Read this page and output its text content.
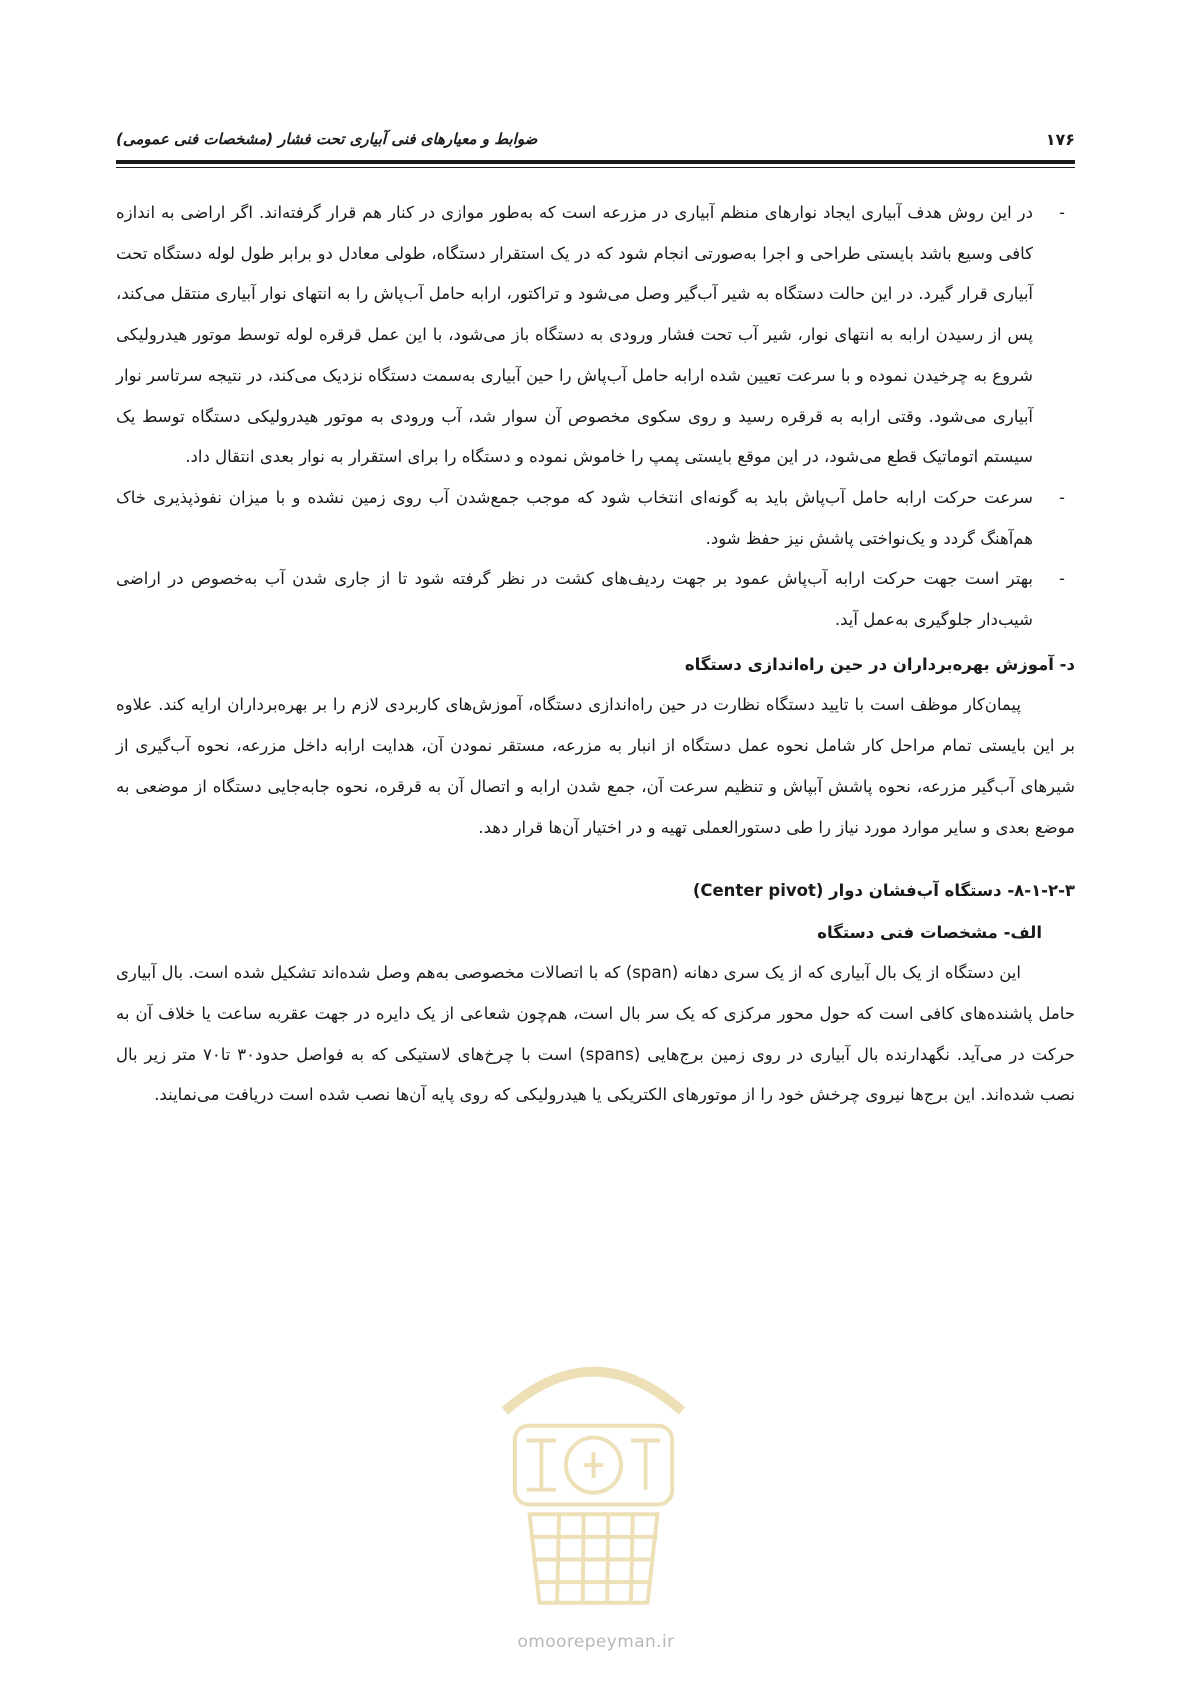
۱۷۶
ضوابط و معیارهای فنی آبیاری تحت فشار (مشخصات فنی عمومی)
-

در این روش هدف آبیاری ایجاد نوارهای منظم آبیاری در مزرعه است که به‌طور موازی در کنار هم قرار گرفته‌اند. اگر اراضی به اندازه کافی وسیع باشد بایستی طراحی و اجرا به‌صورتی انجام شود که در یک استقرار دستگاه، طولی معادل دو برابر طول لوله دستگاه تحت آبیاری قرار گیرد. در این حالت دستگاه به شیر آب‌گیر وصل می‌شود و تراکتور، ارابه حامل آب‌پاش را به انتهای نوار آبیاری منتقل می‌کند، پس از رسیدن ارابه به انتهای نوار، شیر آب تحت فشار ورودی به دستگاه باز می‌شود، با این عمل قرقره لوله توسط موتور هیدرولیکی شروع به چرخیدن نموده و با سرعت تعیین شده ارابه حامل آب‌پاش را حین آبیاری به‌سمت دستگاه نزدیک می‌کند، در نتیجه سرتاسر نوار آبیاری می‌شود. وقتی ارابه به قرقره رسید و روی سکوی مخصوص آن سوار شد، آب ورودی به موتور هیدرولیکی دستگاه توسط یک سیستم اتوماتیک قطع می‌شود، در این موقع بایستی پمپ را خاموش نموده و دستگاه را برای استقرار به نوار بعدی انتقال داد.

-

سرعت حرکت ارابه حامل آب‌پاش باید به گونه‌ای انتخاب شود که موجب جمع‌شدن آب روی زمین نشده و با میزان نفوذپذیری خاک هم‌آهنگ گردد و یک‌نواختی پاشش نیز حفظ شود.

-

بهتر است جهت حرکت ارابه آب‌پاش عمود بر جهت ردیف‌های کشت در نظر گرفته شود تا از جاری شدن آب به‌خصوص در اراضی شیب‌دار جلوگیری به‌عمل آید.

د- آموزش بهره‌برداران در حین راه‌اندازی دستگاه

پیمان‌کار موظف است با تایید دستگاه نظارت در حین راه‌اندازی دستگاه، آموزش‌های کاربردی لازم را بر بهره‌برداران ارایه کند. علاوه بر این بایستی تمام مراحل کار شامل نحوه عمل دستگاه از انبار به مزرعه، مستقر نمودن آن، هدایت ارابه داخل مزرعه، نحوه آب‌گیری از شیرهای آب‌گیر مزرعه، نحوه پاشش آبپاش و تنظیم سرعت آن، جمع شدن ارابه و اتصال آن به قرقره، نحوه جابه‌جایی دستگاه از موضعی به موضع بعدی و سایر موارد مورد نیاز را طی دستورالعملی تهیه و در اختیار آن‌ها قرار دهد.

۸-۱-۲-۳- دستگاه آب‌فشان دوار (Center pivot)

الف- مشخصات فنی دستگاه

این دستگاه از یک بال آبیاری که از یک سری دهانه (span) که با اتصالات مخصوصی به‌هم وصل شده‌اند تشکیل شده است. بال آبیاری حامل پاشنده‌های کافی است که حول محور مرکزی که یک سر بال است، هم‌چون شعاعی از یک دایره در جهت عقربه ساعت یا خلاف آن به حرکت در می‌آید. نگهدارنده بال آبیاری در روی زمین برج‌هایی (spans) است با چرخ‌های لاستیکی که به فواصل حدود۳۰ تا۷۰ متر زیر بال نصب شده‌اند. این برج‌ها نیروی چرخش خود را از موتورهای الکتریکی یا هیدرولیکی که روی پایه آن‌ها نصب شده است دریافت می‌نمایند.

omoorepeyman.ir
